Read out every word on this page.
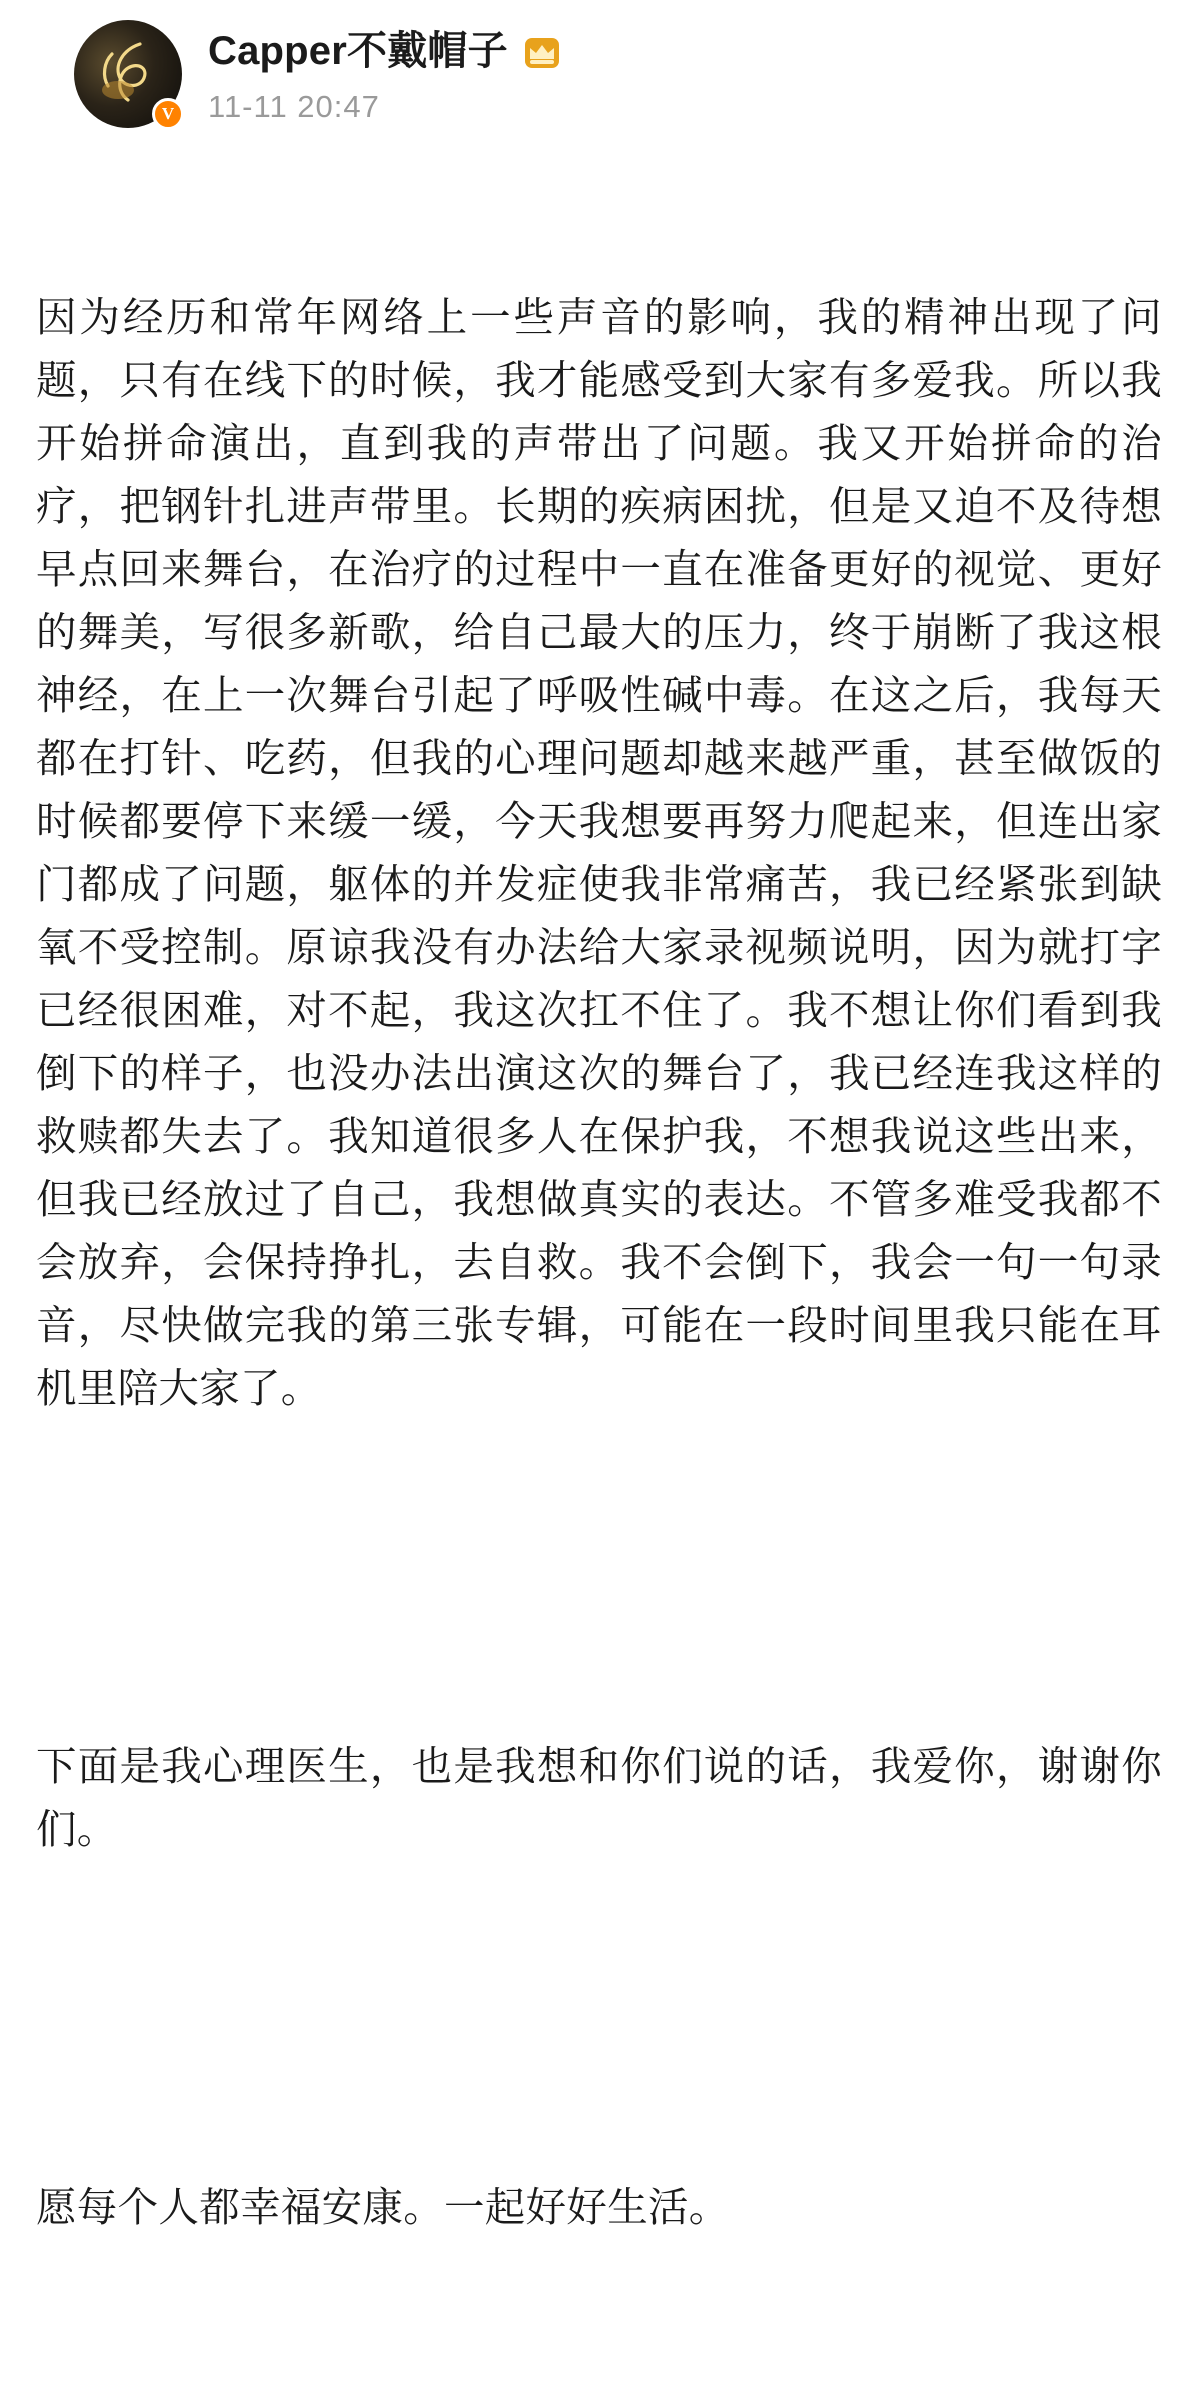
V
Capper不戴帽子
11-11 20:47

因为经历和常年网络上一些声音的影响，我的精神出现了问题，只有在线下的时候，我才能感受到大家有多爱我。所以我开始拼命演出，直到我的声带出了问题。我又开始拼命的治疗，把钢针扎进声带里。长期的疾病困扰，但是又迫不及待想早点回来舞台，在治疗的过程中一直在准备更好的视觉、更好的舞美，写很多新歌，给自己最大的压力，终于崩断了我这根神经，在上一次舞台引起了呼吸性碱中毒。在这之后，我每天都在打针、吃药，但我的心理问题却越来越严重，甚至做饭的时候都要停下来缓一缓，今天我想要再努力爬起来，但连出家门都成了问题，躯体的并发症使我非常痛苦，我已经紧张到缺氧不受控制。原谅我没有办法给大家录视频说明，因为就打字已经很困难，对不起，我这次扛不住了。我不想让你们看到我倒下的样子，也没办法出演这次的舞台了，我已经连我这样的救赎都失去了。我知道很多人在保护我，不想我说这些出来，但我已经放过了自己，我想做真实的表达。不管多难受我都不会放弃，会保持挣扎，去自救。我不会倒下，我会一句一句录音，尽快做完我的第三张专辑，可能在一段时间里我只能在耳机里陪大家了。

下面是我心理医生，也是我想和你们说的话，我爱你，谢谢你们。

愿每个人都幸福安康。一起好好生活。
